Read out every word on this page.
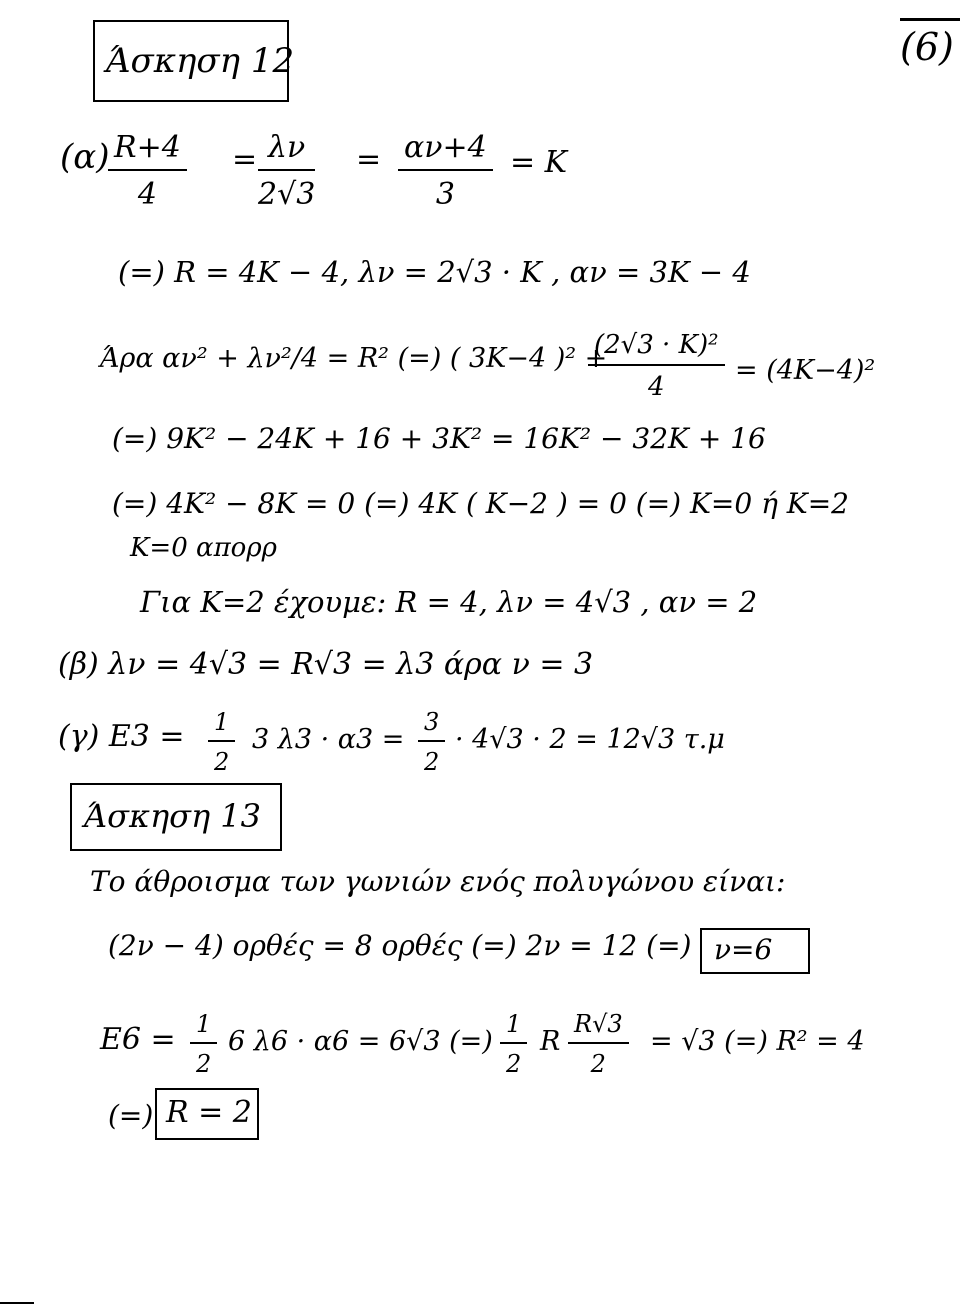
(6)
Άσκηση 12
(α) R+4
4
= λν
2√3
= αν+4
3
= K
(=) R = 4K − 4, λν = 2√3 · K , αν = 3K − 4
Άρα αν² + λν²/4 = R² (=) ( 3K−4 )² +
(2√3 · K)²
4
= (4K−4)²
(=) 9K² − 24K + 16 + 3K² = 16K² − 32K + 16
(=) 4K² − 8K = 0 (=) 4K ( K−2 ) = 0 (=) K=0 ή K=2
K=0 απορρ
Για K=2 έχουμε: R = 4, λν = 4√3 , αν = 2
(β) λν = 4√3 = R√3 = λ3 άρα ν = 3
(γ) E3 = 1
2
3 λ3 · α3 =
3
2
· 4√3 · 2 = 12√3 τ.μ
Άσκηση 13
Το άθροισμα των γωνιών ενός πολυγώνου είναι:
(2ν − 4) ορθές = 8 ορθές (=) 2ν = 12 (=) ν=6
E6 = 1
2
6 λ6 · α6 = 6√3 (=)
1
2
R
R√3
2
= √3 (=) R² = 4
(=) R = 2
